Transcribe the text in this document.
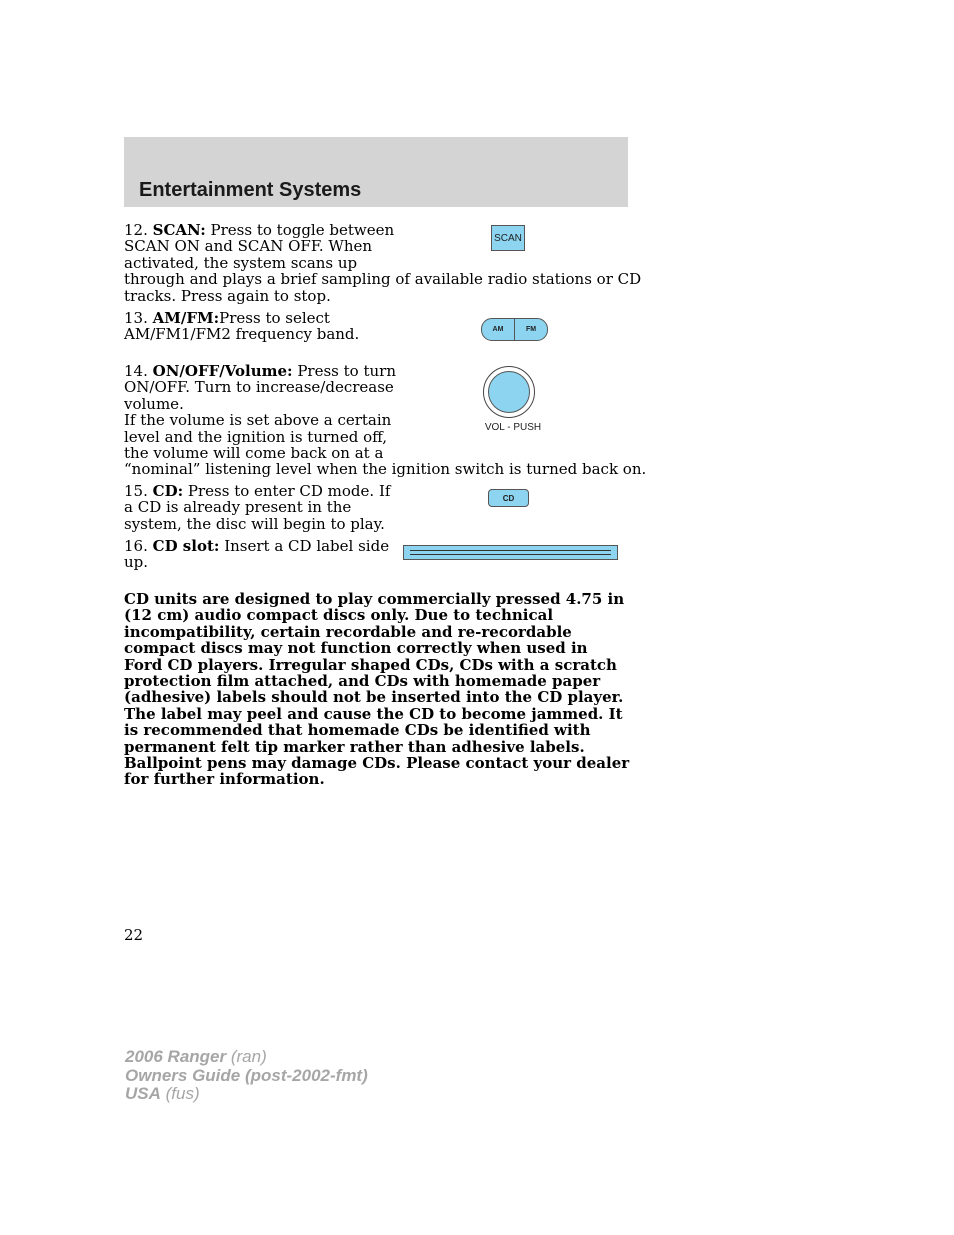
Entertainment Systems
12. SCAN: Press to toggle between
SCAN ON and SCAN OFF. When
activated, the system scans up
through and plays a brief sampling of available radio stations or CD
tracks. Press again to stop.
SCAN
13. AM/FM:Press to select
AM/FM1/FM2 frequency band.	AM	FM
14. ON/OFF/Volume: Press to turn
ON/OFF. Turn to increase/decrease
volume.
If the volume is set above a certain
level and the ignition is turned off,
the volume will come back on at a
“nominal” listening level when the ignition switch is turned back on.
VOL - PUSH
15. CD: Press to enter CD mode. If
a CD is already present in the
system, the disc will begin to play.
CD
16. CD slot: Insert a CD label side
up.

CD units are designed to play commercially pressed 4.75 in (12 cm) audio compact discs only. Due to technical incompatibility, certain recordable and re-recordable compact discs may not function correctly when used in Ford CD players. Irregular shaped CDs, CDs with a scratch protection film attached, and CDs with homemade paper (adhesive) labels should not be inserted into the CD player. The label may peel and cause the CD to become jammed. It is recommended that homemade CDs be identified with permanent felt tip marker rather than adhesive labels. Ballpoint pens may damage CDs. Please contact your dealer for further information.

22
2006 Ranger (ran)
Owners Guide (post-2002-fmt)
USA (fus)
